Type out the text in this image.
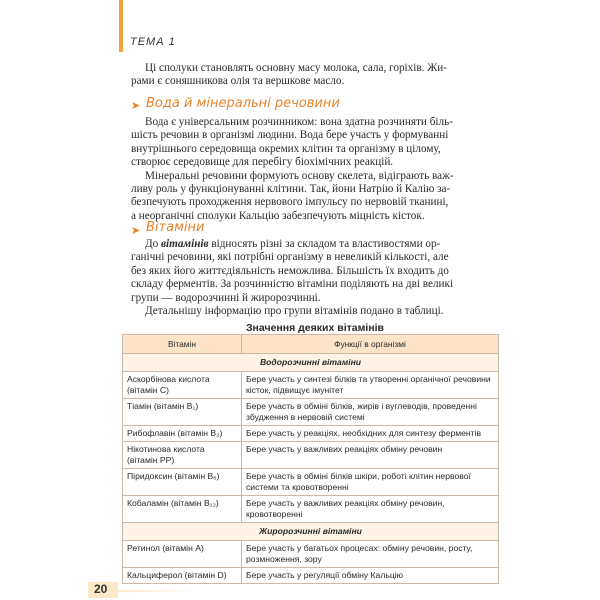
ТЕМА 1

Ці сполуки становлять основну масу молока, сала, горіхів. Жи-
рами є соняшникова олія та вершкове масло.

➤ Вода й мінеральні речовини

Вода є універсальним розчинником: вона здатна розчиняти біль-
шість речовин в організмі людини. Вода бере участь у формуванні
внутрішнього середовища окремих клітин та організму в цілому,
створює середовище для перебігу біохімічних реакцій.

Мінеральні речовини формують основу скелета, відіграють важ-
ливу роль у функціонуванні клітини. Так, йони Натрію й Калію за-
безпечують проходження нервового імпульсу по нервовій тканині,
а неорганічні сполуки Кальцію забезпечують міцність кісток.

➤ Вітаміни

До вітамінів відносять різні за складом та властивостями ор-
ганічні речовини, які потрібні організму в невеликій кількості, але
без яких його життєдіяльність неможлива. Більшість їх входить до
складу ферментів. За розчинністю вітаміни поділяють на дві великі
групи — водорозчинні й жиророзчинні.

Детальнішу інформацію про групи вітамінів подано в таблиці.

Значення деяких вітамінів
Вітамін	Функції в організмі
Водорозчинні вітаміни	
Аскорбінова кислота (вітамін С)	Бере участь у синтезі білків та утворенні органічної речовини кісток, підвищує імунітет
Тіамін (вітамін B₁)	Бере участь в обміні білків, жирів і вуглеводів, проведенні збудження в нервовій системі
Рибофлавін (вітамін B₂)	Бере участь у реакціях, необхідних для синтезу ферментів
Нікотинова кислота (вітамін PP)	Бере участь у важливих реакціях обміну речовин
Піридоксин (вітамін B₆)	Бере участь в обміні білків шкіри, роботі клітин нервової системи та кровотворенні
Кобаламін (вітамін B₁₂)	Бере участь у важливих реакціях обміну речовин, кровотворенні
Жиророзчинні вітаміни	
Ретинол (вітамін А)	Бере участь у багатьох процесах: обміну речовин, росту, розмноження, зору
Кальциферол (вітамін D)	Бере участь у регуляції обміну Кальцію
20
